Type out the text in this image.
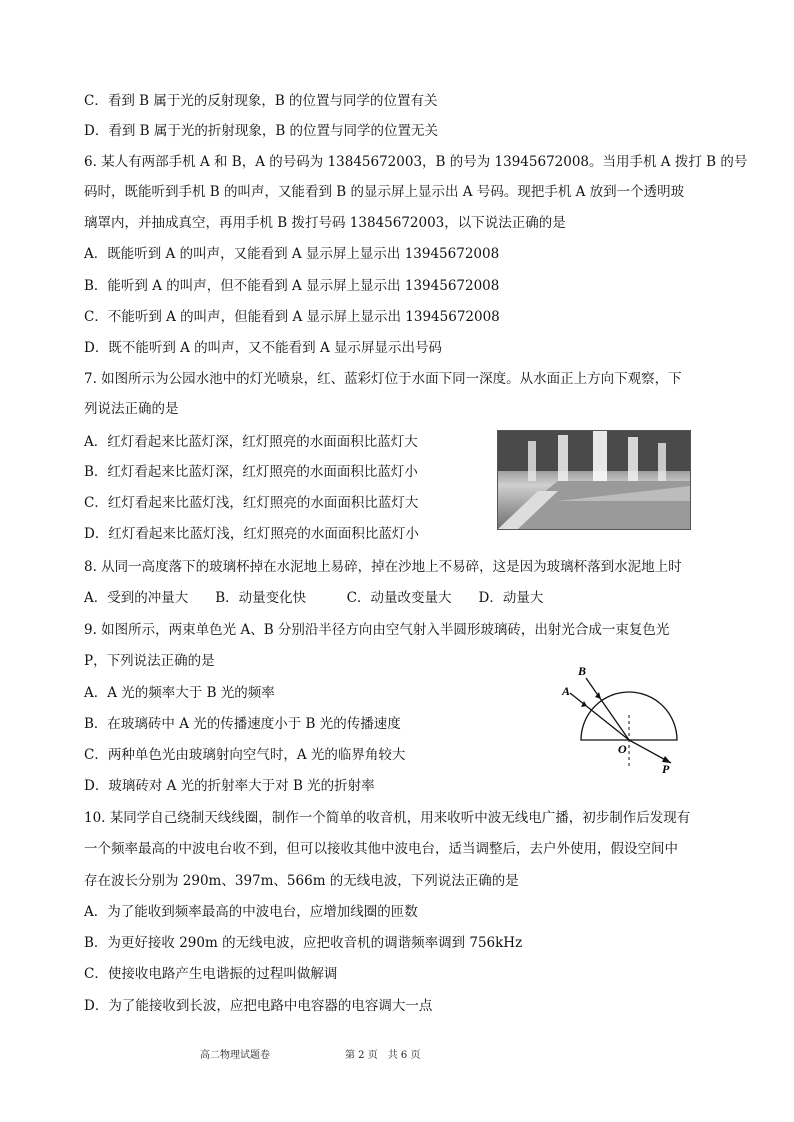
C．看到 B 属于光的反射现象，B 的位置与同学的位置有关
D．看到 B 属于光的折射现象，B 的位置与同学的位置无关
6. 某人有两部手机 A 和 B，A 的号码为 13845672003，B 的号为 13945672008。当用手机 A 拨打 B 的号
码时，既能听到手机 B 的叫声，又能看到 B 的显示屏上显示出 A 号码。现把手机 A 放到一个透明玻
璃罩内，并抽成真空，再用手机 B 拨打号码 13845672003，以下说法正确的是
A．既能听到 A 的叫声，又能看到 A 显示屏上显示出 13945672008
B．能听到 A 的叫声，但不能看到 A 显示屏上显示出 13945672008
C．不能听到 A 的叫声，但能看到 A 显示屏上显示出 13945672008
D．既不能听到 A 的叫声，又不能看到 A 显示屏显示出号码
7. 如图所示为公园水池中的灯光喷泉，红、蓝彩灯位于水面下同一深度。从水面正上方向下观察，下
列说法正确的是
A．红灯看起来比蓝灯深，红灯照亮的水面面积比蓝灯大
B．红灯看起来比蓝灯深，红灯照亮的水面面积比蓝灯小
C．红灯看起来比蓝灯浅，红灯照亮的水面面积比蓝灯大
D．红灯看起来比蓝灯浅，红灯照亮的水面面积比蓝灯小
8. 从同一高度落下的玻璃杯掉在水泥地上易碎，掉在沙地上不易碎，这是因为玻璃杯落到水泥地上时
A．受到的冲量大　　B．动量变化快　　　C．动量改变量大　　D．动量大
9. 如图所示，两束单色光 A、B 分别沿半径方向由空气射入半圆形玻璃砖，出射光合成一束复色光
P，下列说法正确的是
A．A 光的频率大于 B 光的频率
B．在玻璃砖中 A 光的传播速度小于 B 光的传播速度
C．两种单色光由玻璃射向空气时，A 光的临界角较大
D．玻璃砖对 A 光的折射率大于对 B 光的折射率
10. 某同学自己绕制天线线圈，制作一个简单的收音机，用来收听中波无线电广播，初步制作后发现有
一个频率最高的中波电台收不到，但可以接收其他中波电台，适当调整后，去户外使用，假设空间中
存在波长分别为 290m、397m、566m 的无线电波，下列说法正确的是
A．为了能收到频率最高的中波电台，应增加线圈的匝数
B．为更好接收 290m 的无线电波，应把收音机的调谐频率调到 756kHz
C．使接收电路产生电谐振的过程叫做解调
D．为了能接收到长波，应把电路中电容器的电容调大一点
B
A
O
P
高二物理试题卷	第 2 页　共 6 页
